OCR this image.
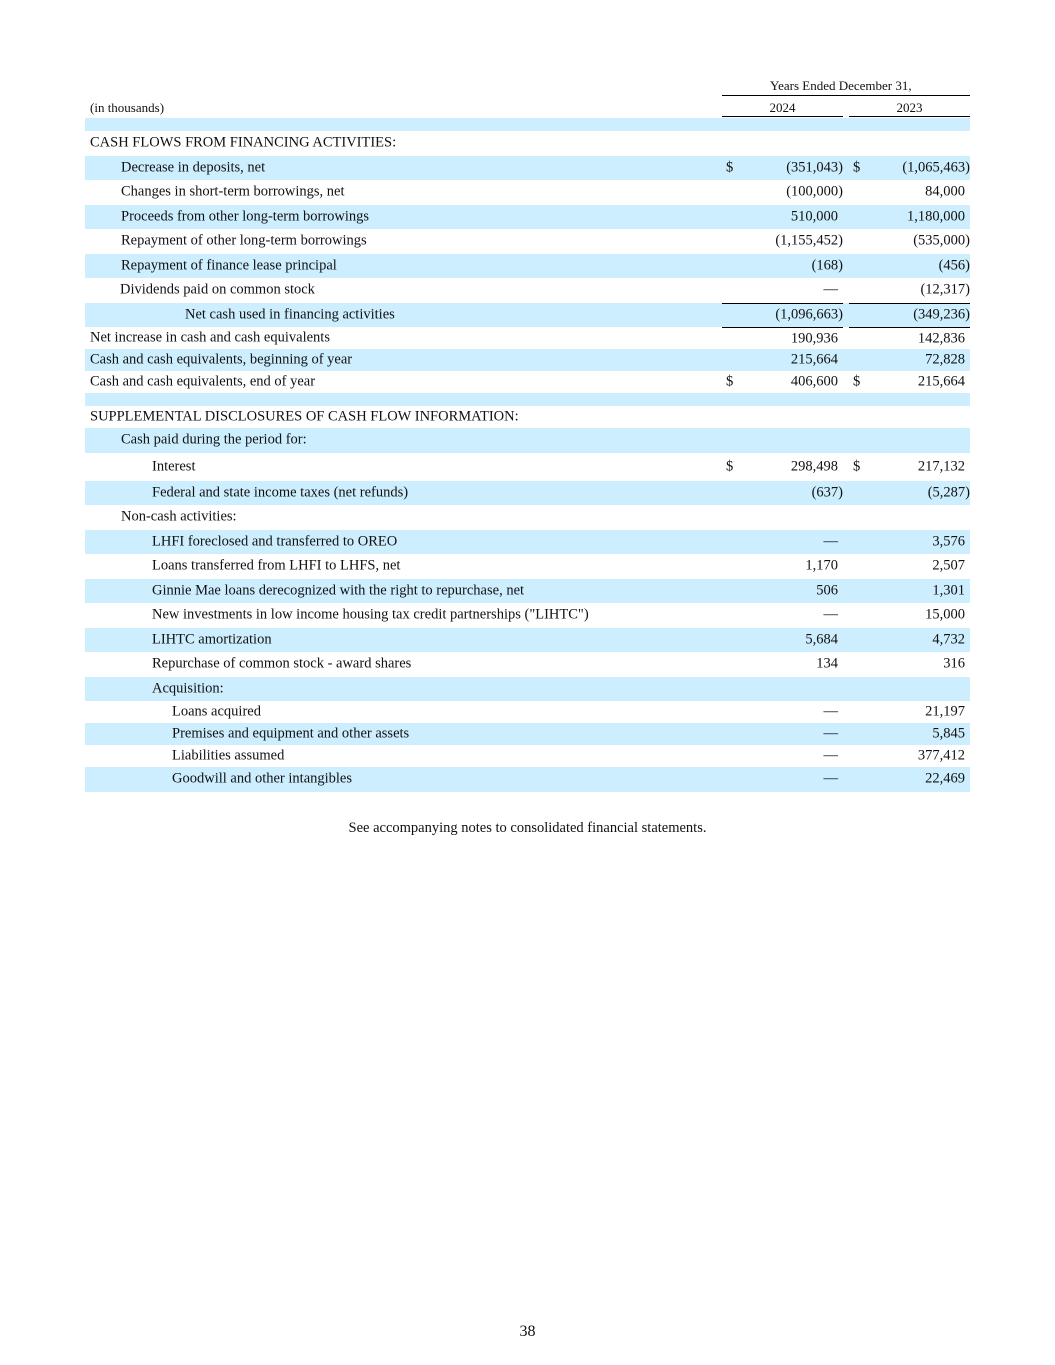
Years Ended December 31,
(in thousands)	2024	2023
CASH FLOWS FROM FINANCING ACTIVITIES:
Decrease in deposits, net	$	(351,043) $	(1,065,463)
Changes in short-term borrowings, net	(100,000)	84,000
Proceeds from other long-term borrowings	510,000	1,180,000
Repayment of other long-term borrowings	(1,155,452)	(535,000)
Repayment of finance lease principal	(168)	(456)
Dividends paid on common stock	—	(12,317)
Net cash used in financing activities	(1,096,663)	(349,236)
Net increase in cash and cash equivalents	190,936	142,836
Cash and cash equivalents, beginning of year	215,664	72,828
Cash and cash equivalents, end of year	$	406,600 $	215,664
SUPPLEMENTAL DISCLOSURES OF CASH FLOW INFORMATION:
Cash paid during the period for:
Interest	$	298,498 $	217,132
Federal and state income taxes (net refunds)	(637)	(5,287)
Non-cash activities:
LHFI foreclosed and transferred to OREO	—	3,576
Loans transferred from LHFI to LHFS, net	1,170	2,507
Ginnie Mae loans derecognized with the right to repurchase, net	506	1,301
New investments in low income housing tax credit partnerships ("LIHTC")	—	15,000
LIHTC amortization	5,684	4,732
Repurchase of common stock - award shares	134	316
Acquisition:
Loans acquired	—	21,197
Premises and equipment and other assets	—	5,845
Liabilities assumed	—	377,412
Goodwill and other intangibles	—	22,469
See accompanying notes to consolidated financial statements.
38
